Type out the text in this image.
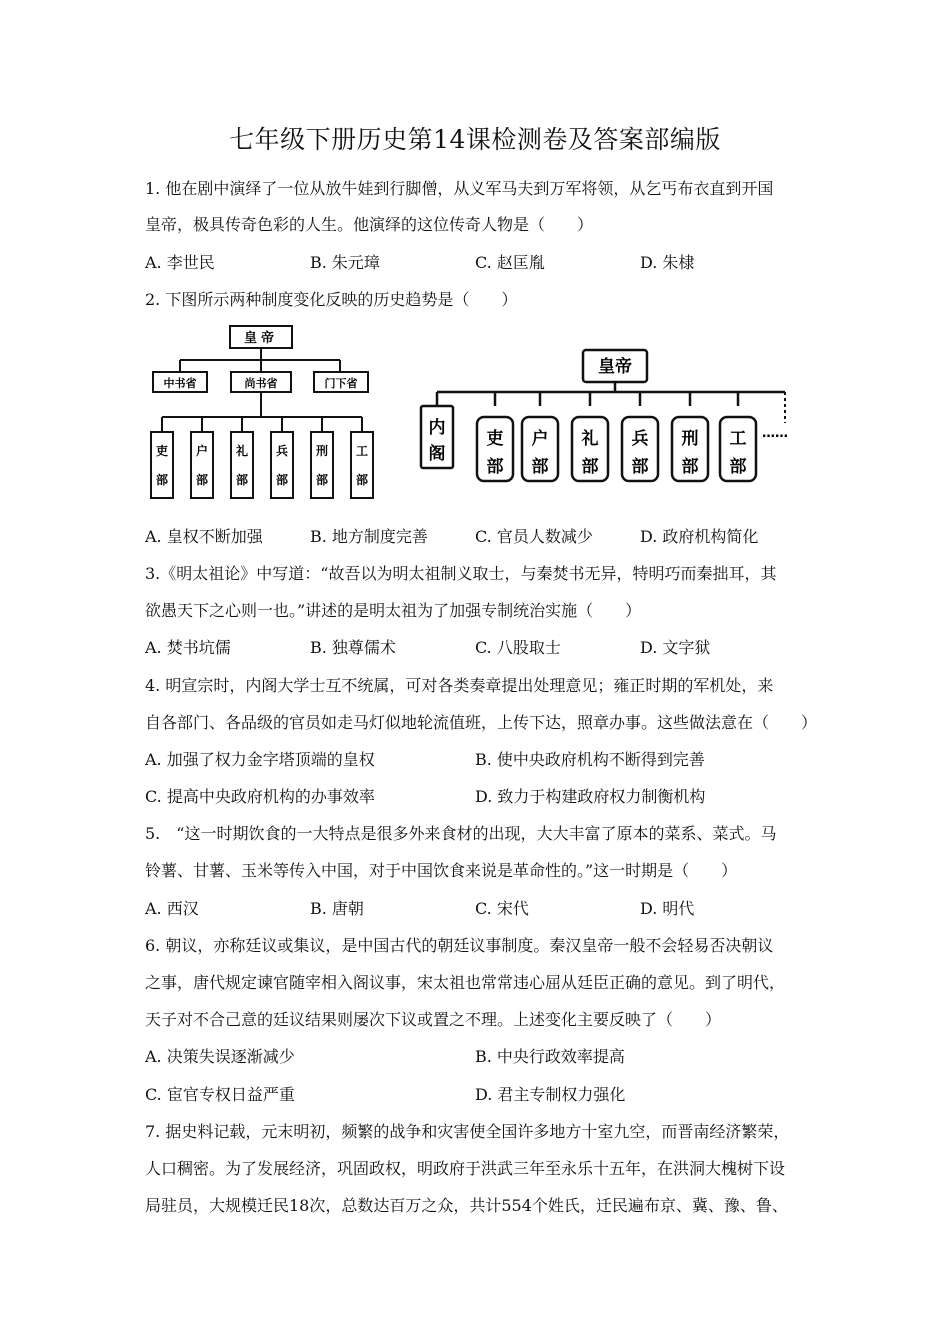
七年级下册历史第14课检测卷及答案部编版
1. 他在剧中演绎了一位从放牛娃到行脚僧，从义军马夫到万军将领，从乞丐布衣直到开国
皇帝，极具传奇色彩的人生。他演绎的这位传奇人物是（　　）
A. 李世民	B. 朱元璋	C. 赵匡胤	D. 朱棣
2. 下图所示两种制度变化反映的历史趋势是（　　）
皇帝
中书省	尚书省	门下省
吏
部
户
部
礼
部
兵
部
刑
部
工
部
皇帝
内
阁
吏
部
户
部
礼
部
兵
部
刑
部
工
部
……
A. 皇权不断加强	B. 地方制度完善	C. 官员人数减少	D. 政府机构简化
3.《明太祖论》中写道：“故吾以为明太祖制义取士，与秦焚书无异，特明巧而秦拙耳，其
欲愚天下之心则一也。”讲述的是明太祖为了加强专制统治实施（　　）
A. 焚书坑儒	B. 独尊儒术	C. 八股取士	D. 文字狱
4. 明宣宗时，内阁大学士互不统属，可对各类奏章提出处理意见；雍正时期的军机处，来
自各部门、各品级的官员如走马灯似地轮流值班，上传下达，照章办事。这些做法意在（　　）
A. 加强了权力金字塔顶端的皇权	B. 使中央政府机构不断得到完善
C. 提高中央政府机构的办事效率	D. 致力于构建政府权力制衡机构
5.　“这一时期饮食的一大特点是很多外来食材的出现，大大丰富了原本的菜系、菜式。马
铃薯、甘薯、玉米等传入中国，对于中国饮食来说是革命性的。”这一时期是（　　）
A. 西汉	B. 唐朝	C. 宋代	D. 明代
6. 朝议，亦称廷议或集议，是中国古代的朝廷议事制度。秦汉皇帝一般不会轻易否决朝议
之事，唐代规定谏官随宰相入阁议事，宋太祖也常常违心屈从廷臣正确的意见。到了明代，
天子对不合己意的廷议结果则屡次下议或置之不理。上述变化主要反映了（　　）
A. 决策失误逐渐减少	B. 中央行政效率提高
C. 宦官专权日益严重	D. 君主专制权力强化
7. 据史料记载，元末明初，频繁的战争和灾害使全国许多地方十室九空，而晋南经济繁荣，
人口稠密。为了发展经济，巩固政权，明政府于洪武三年至永乐十五年，在洪洞大槐树下设
局驻员，大规模迁民18次，总数达百万之众，共计554个姓氏，迁民遍布京、冀、豫、鲁、
